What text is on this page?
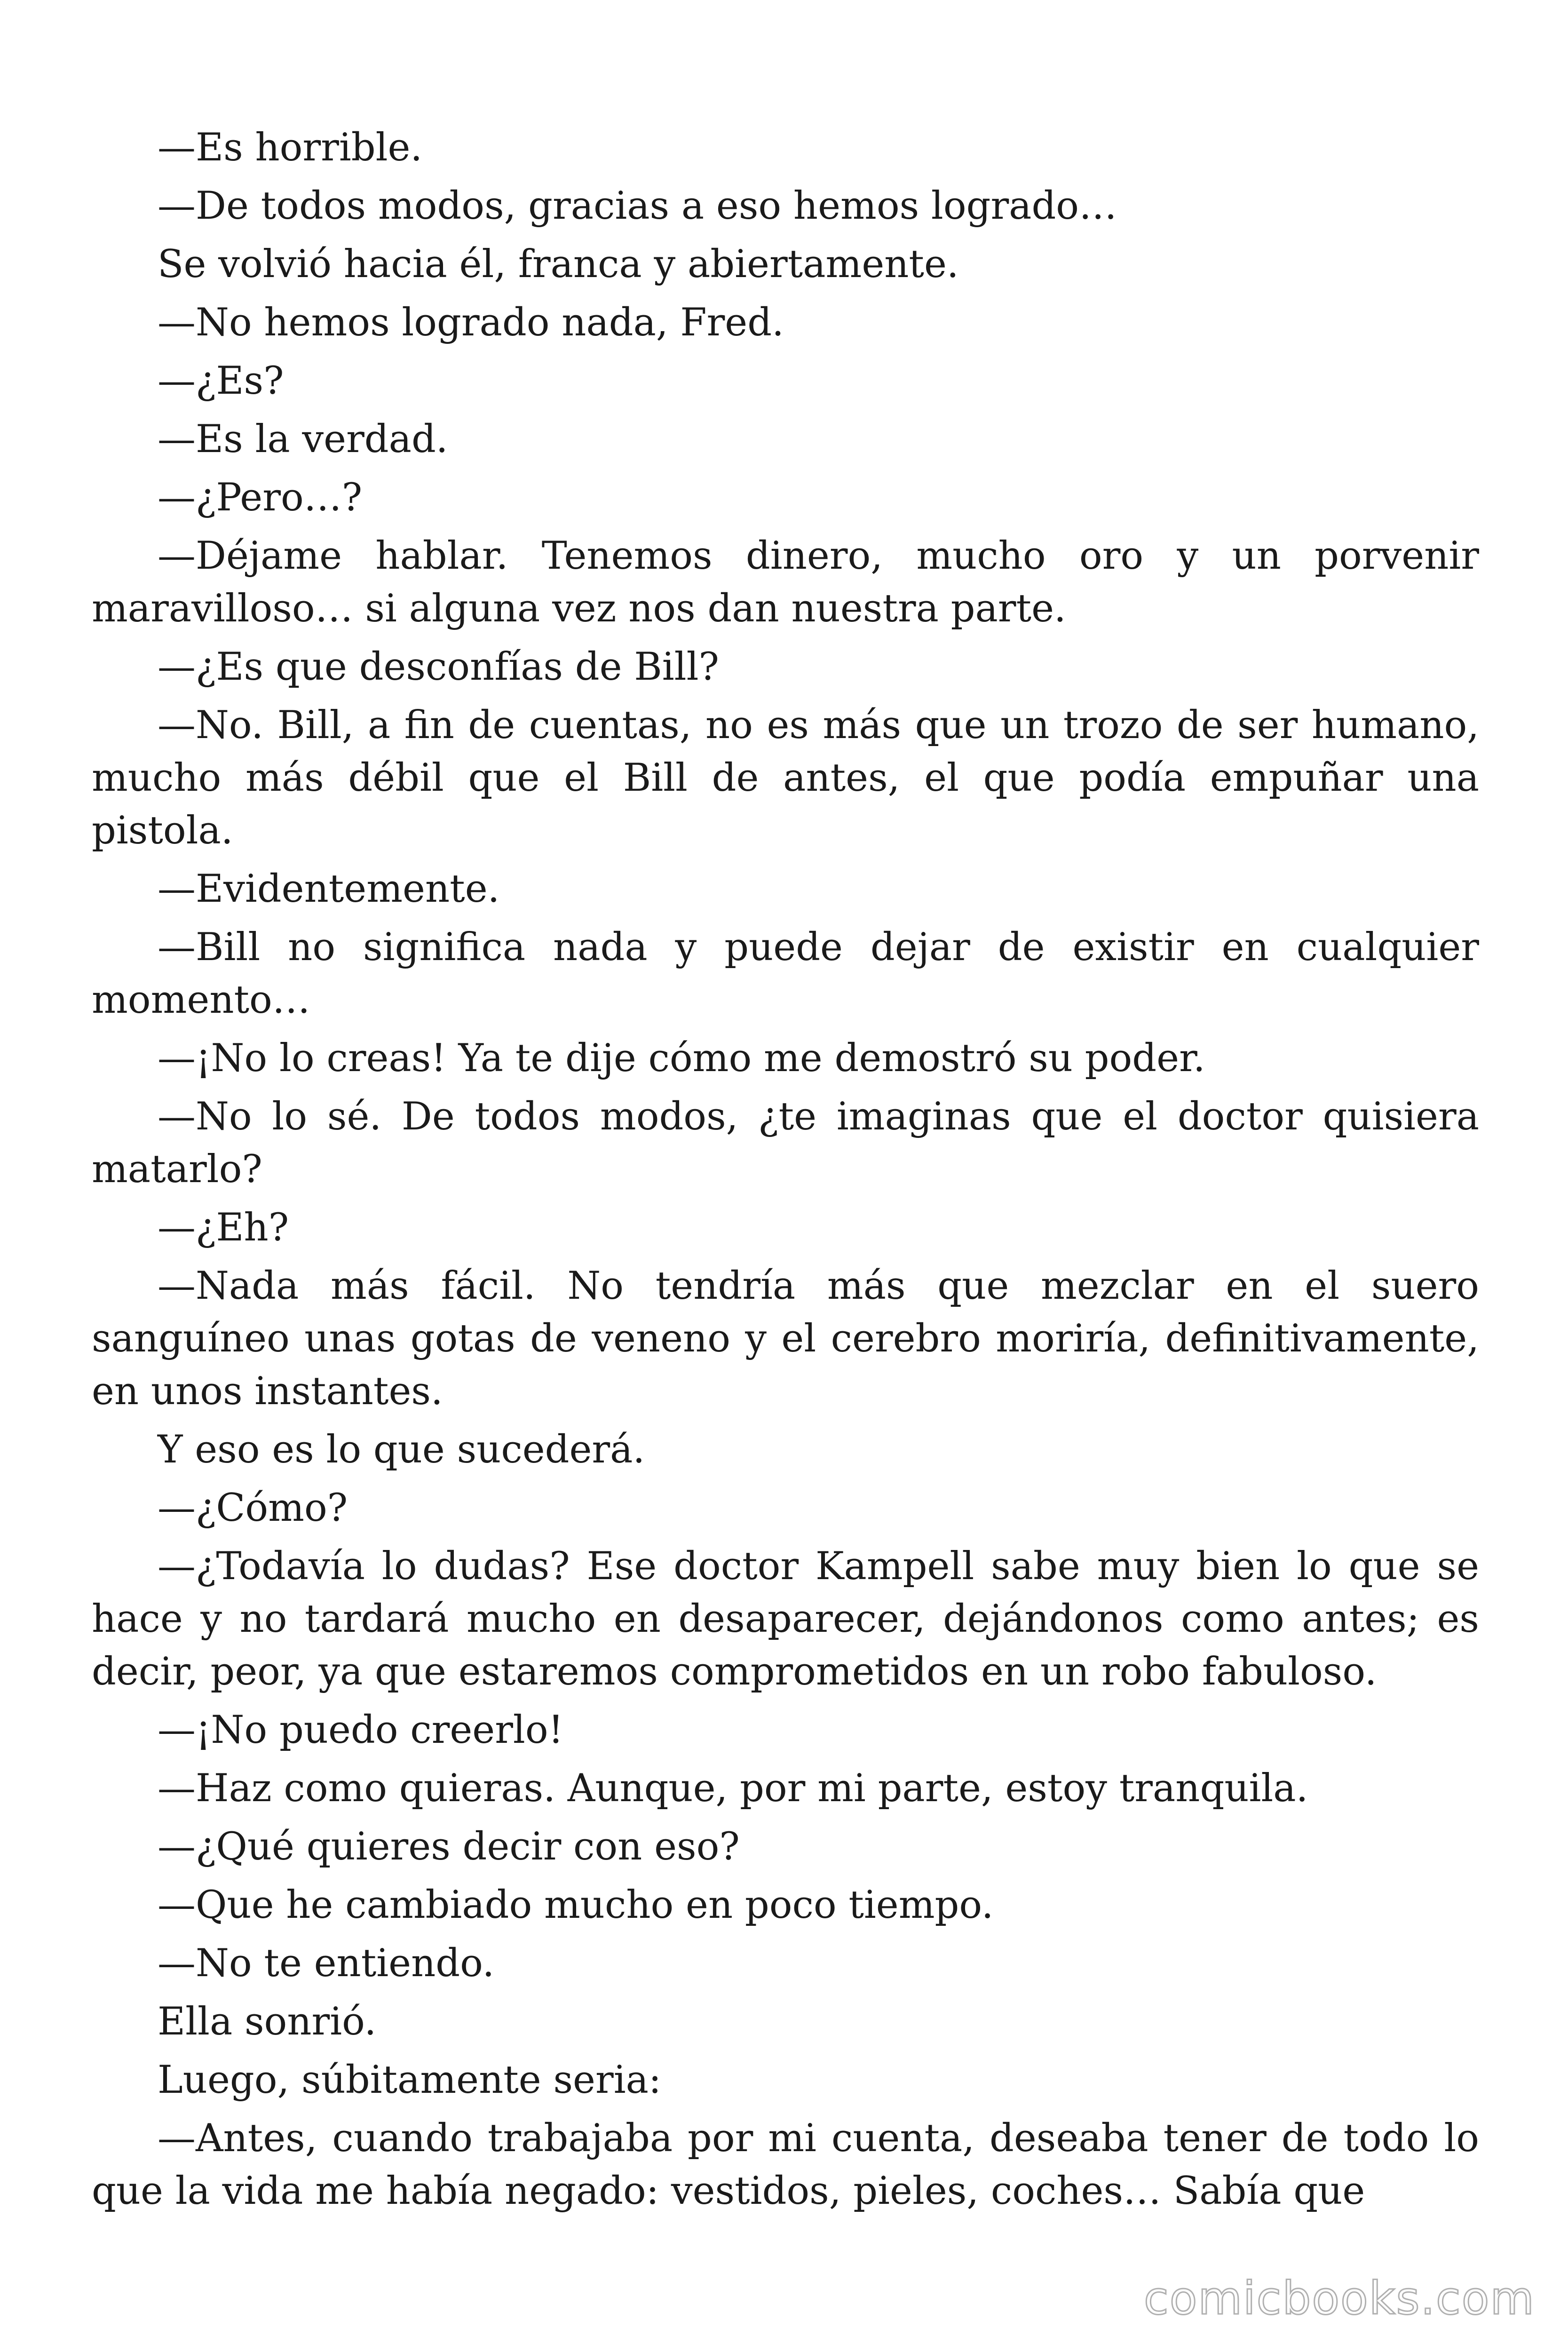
—Es horrible.

—De todos modos, gracias a eso hemos logrado…

Se volvió hacia él, franca y abiertamente.

—No hemos logrado nada, Fred.

—¿Es?

—Es la verdad.

—¿Pero…?

—Déjame hablar. Tenemos dinero, mucho oro y un porvenir maravilloso… si alguna vez nos dan nuestra parte.

—¿Es que desconfías de Bill?

—No. Bill, a fin de cuentas, no es más que un trozo de ser humano, mucho más débil que el Bill de antes, el que podía empuñar una pistola.

—Evidentemente.

—Bill no significa nada y puede dejar de existir en cualquier momento…

—¡No lo creas! Ya te dije cómo me demostró su poder.

—No lo sé. De todos modos, ¿te imaginas que el doctor quisiera matarlo?

—¿Eh?

—Nada más fácil. No tendría más que mezclar en el suero sanguíneo unas gotas de veneno y el cerebro moriría, definitivamente, en unos instantes.

Y eso es lo que sucederá.

—¿Cómo?

—¿Todavía lo dudas? Ese doctor Kampell sabe muy bien lo que se hace y no tardará mucho en desaparecer, dejándonos como antes; es decir, peor, ya que estaremos comprometidos en un robo fabuloso.

—¡No puedo creerlo!

—Haz como quieras. Aunque, por mi parte, estoy tranquila.

—¿Qué quieres decir con eso?

—Que he cambiado mucho en poco tiempo.

—No te entiendo.

Ella sonrió.

Luego, súbitamente seria:

—Antes, cuando trabajaba por mi cuenta, deseaba tener de todo lo que la vida me había negado: vestidos, pieles, coches… Sabía que

comicbooks.com
